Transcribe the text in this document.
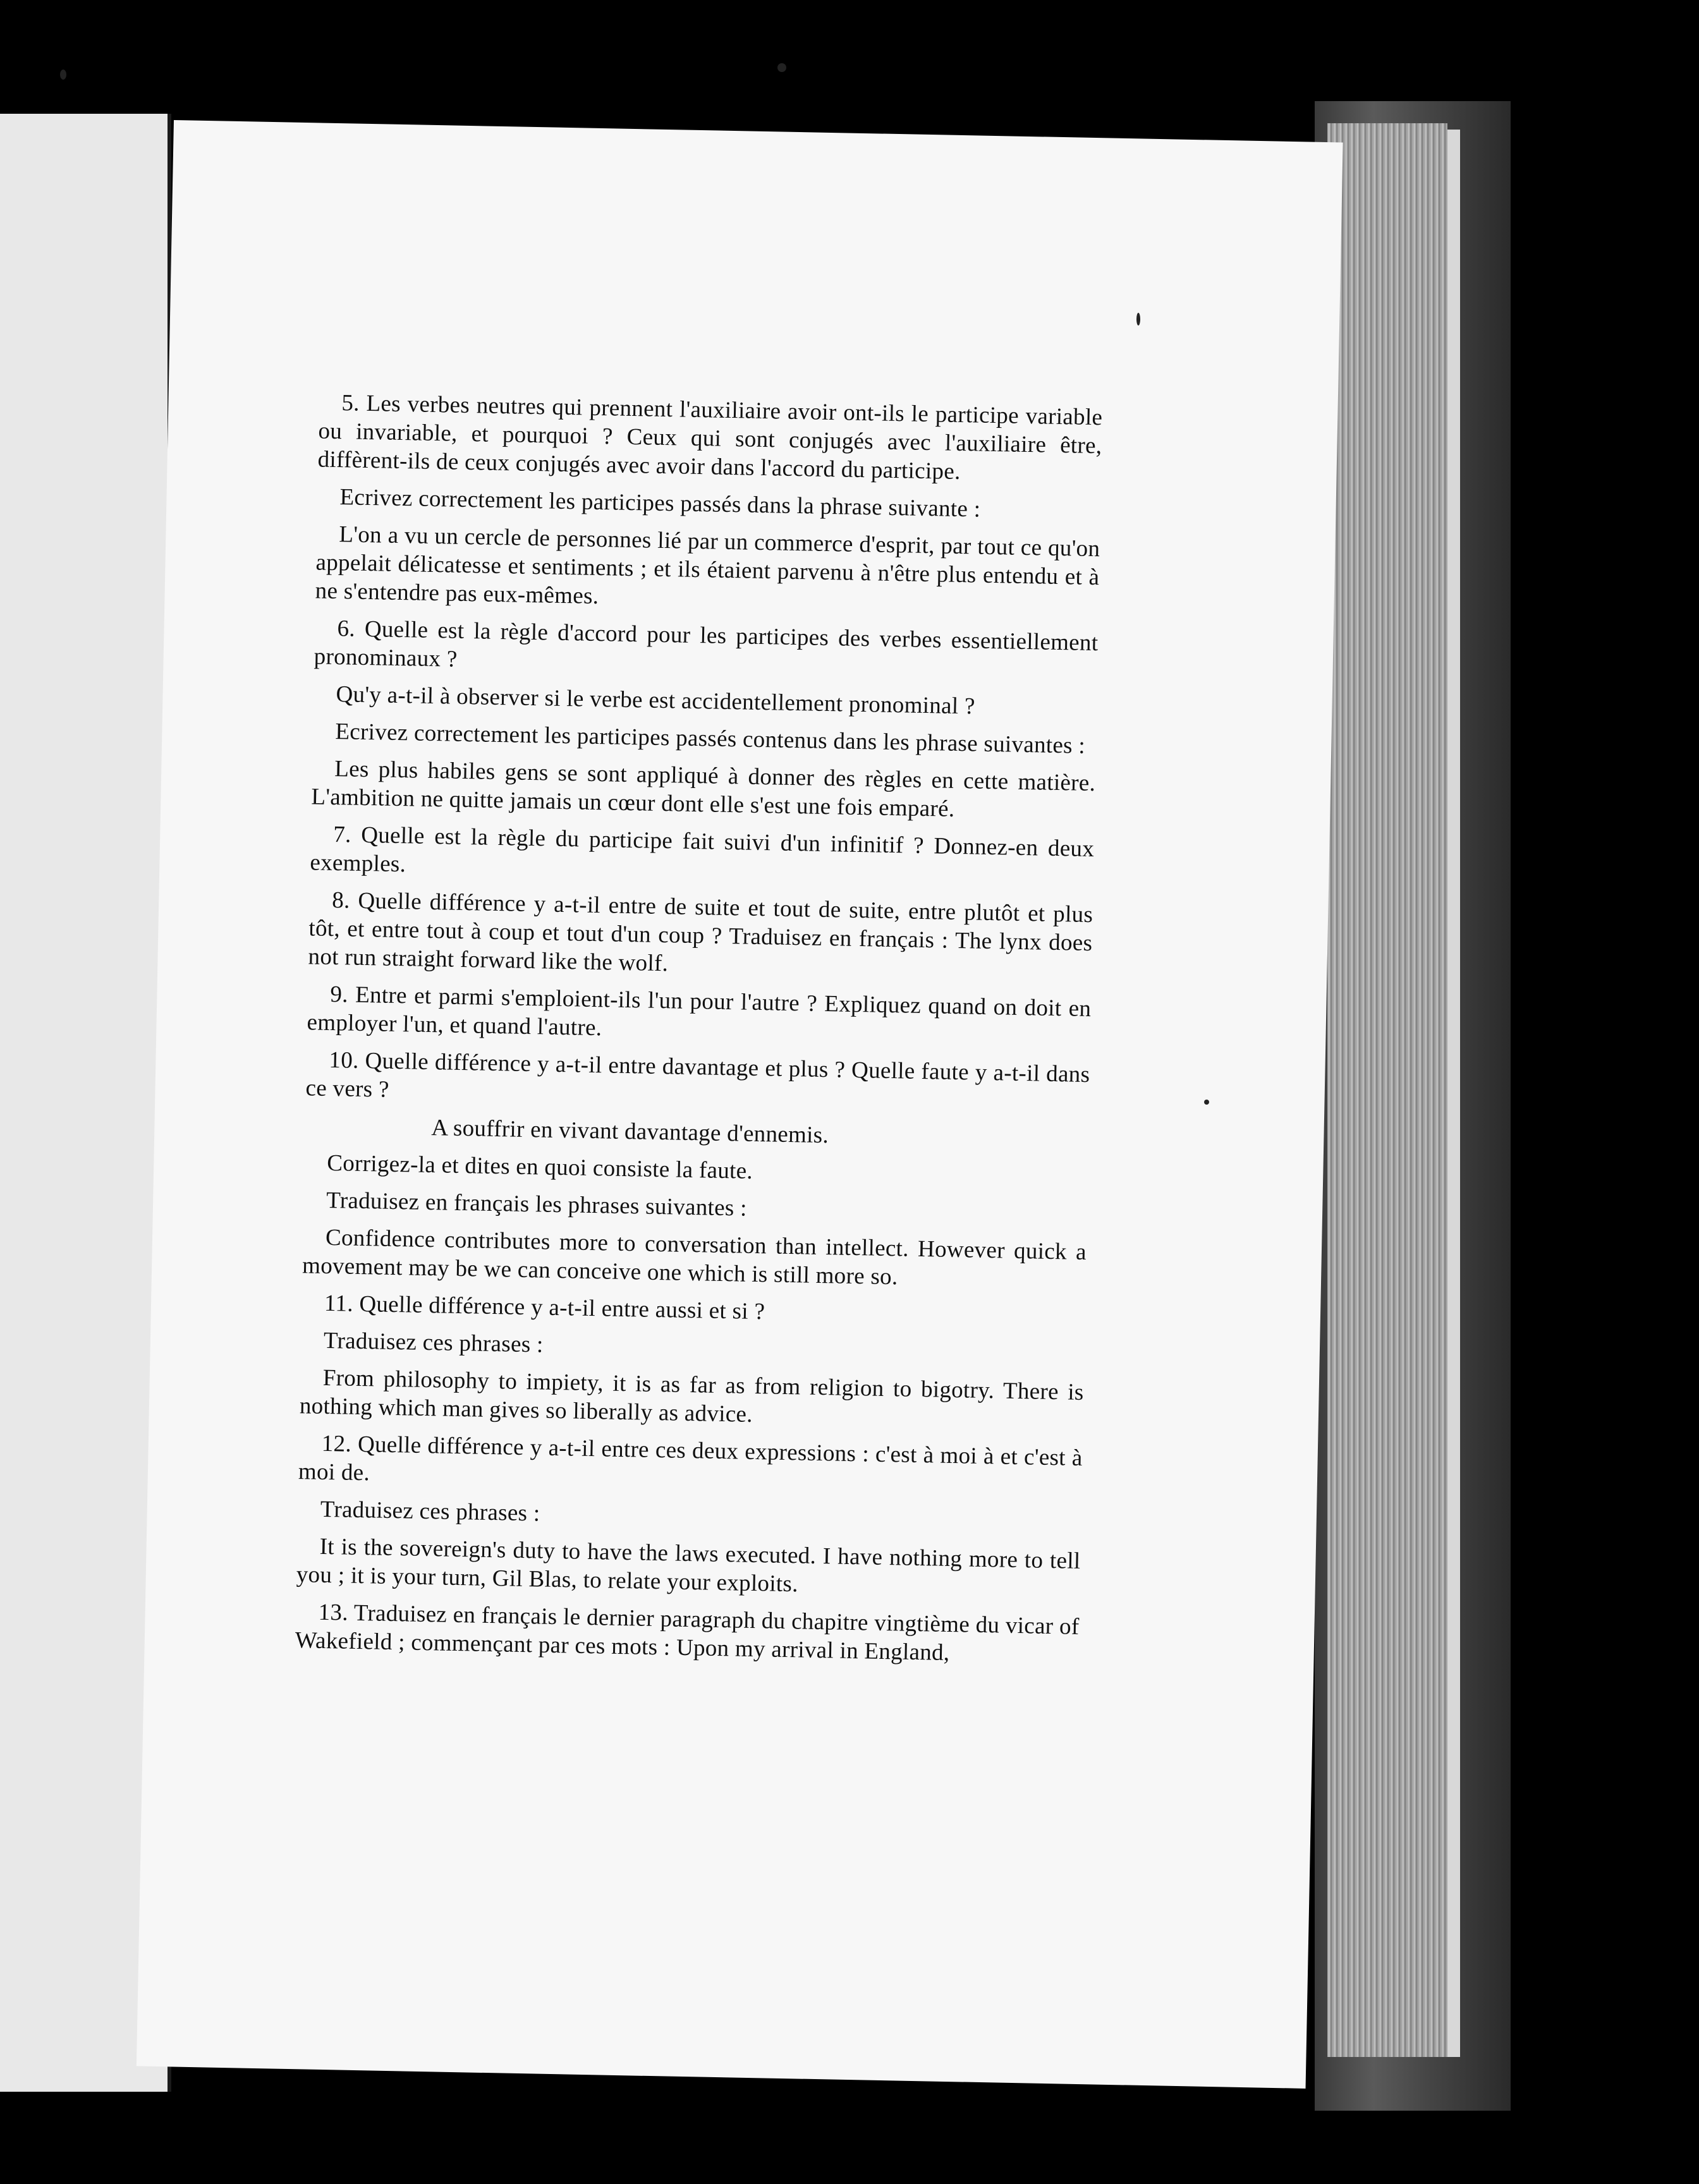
5. Les verbes neutres qui prennent l'auxiliaire avoir ont-ils le participe variable ou invariable, et pourquoi ? Ceux qui sont conjugés avec l'auxiliaire être, diffèrent-ils de ceux conjugés avec avoir dans l'accord du participe.

Ecrivez correctement les participes passés dans la phrase suivante :

L'on a vu un cercle de personnes lié par un commerce d'esprit, par tout ce qu'on appelait délicatesse et sentiments ; et ils étaient parvenu à n'être plus entendu et à ne s'entendre pas eux-mêmes.

6. Quelle est la règle d'accord pour les participes des verbes essentiellement pronominaux ?

Qu'y a-t-il à observer si le verbe est accidentellement pronominal ?

Ecrivez correctement les participes passés contenus dans les phrase suivantes :

Les plus habiles gens se sont appliqué à donner des règles en cette matière. L'ambition ne quitte jamais un cœur dont elle s'est une fois emparé.

7. Quelle est la règle du participe fait suivi d'un infinitif ? Donnez-en deux exemples.

8. Quelle différence y a-t-il entre de suite et tout de suite, entre plutôt et plus tôt, et entre tout à coup et tout d'un coup ? Traduisez en français : The lynx does not run straight forward like the wolf.

9. Entre et parmi s'emploient-ils l'un pour l'autre ? Expliquez quand on doit en employer l'un, et quand l'autre.

10. Quelle différence y a-t-il entre davantage et plus ? Quelle faute y a-t-il dans ce vers ?

A souffrir en vivant davantage d'ennemis.

Corrigez-la et dites en quoi consiste la faute.

Traduisez en français les phrases suivantes :

Confidence contributes more to conversation than intellect. However quick a movement may be we can conceive one which is still more so.

11. Quelle différence y a-t-il entre aussi et si ?

Traduisez ces phrases :

From philosophy to impiety, it is as far as from religion to bigotry. There is nothing which man gives so liberally as advice.

12. Quelle différence y a-t-il entre ces deux expressions : c'est à moi à et c'est à moi de.

Traduisez ces phrases :

It is the sovereign's duty to have the laws executed. I have nothing more to tell you ; it is your turn, Gil Blas, to relate your exploits.

13. Traduisez en français le dernier paragraph du chapitre vingtième du vicar of Wakefield ; commençant par ces mots : Upon my arrival in England,
